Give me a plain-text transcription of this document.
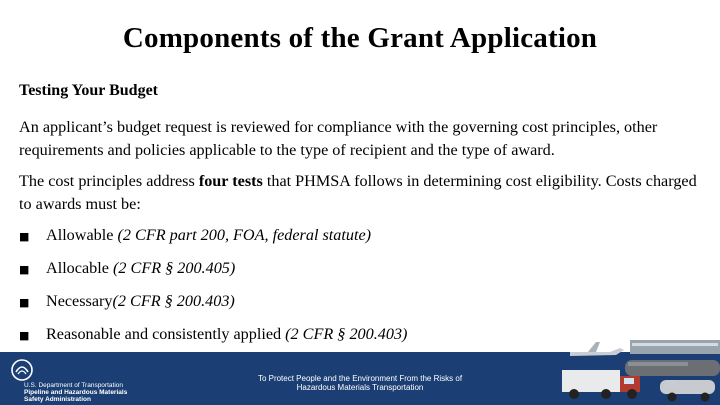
Components of the Grant Application
Testing Your Budget
An applicant’s budget request is reviewed for compliance with the governing cost principles, other requirements and policies applicable to the type of recipient and the type of award.
The cost principles address four tests that PHMSA follows in determining cost eligibility. Costs charged to awards must be:
■	Allowable
(2 CFR part 200, FOA, federal statute)
■	Allocable
(2 CFR § 200.405)
■	Necessary (2 CFR § 200.403)
■	Reasonable and consistently applied
(2 CFR § 200.403)
U.S. Department of Transportation
Pipeline and Hazardous Materials
Safety Administration
To Protect People and the Environment From the Risks of
Hazardous Materials Transportation	23
